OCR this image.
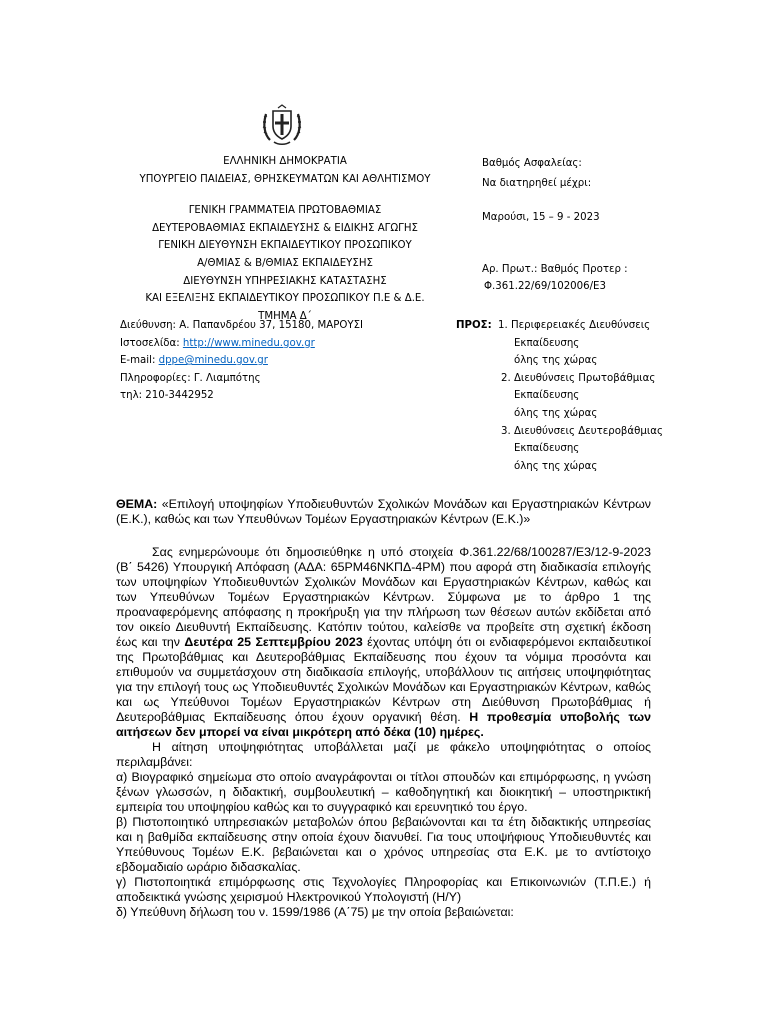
ΕΛΛΗΝΙΚΗ ΔΗΜΟΚΡΑΤΙΑ
ΥΠΟΥΡΓΕΙΟ ΠΑΙΔΕΙΑΣ, ΘΡΗΣΚΕΥΜΑΤΩΝ ΚΑΙ ΑΘΛΗΤΙΣΜΟΥ
ΓΕΝΙΚΗ ΓΡΑΜΜΑΤΕΙΑ ΠΡΩΤΟΒΑΘΜΙΑΣ
ΔΕΥΤΕΡΟΒΑΘΜΙΑΣ ΕΚΠΑΙΔΕΥΣΗΣ & ΕΙΔΙΚΗΣ ΑΓΩΓΗΣ
ΓΕΝΙΚΗ ΔΙΕΥΘΥΝΣΗ ΕΚΠΑΙΔΕΥΤΙΚΟΥ ΠΡΟΣΩΠΙΚΟΥ
Α/ΘΜΙΑΣ & Β/ΘΜΙΑΣ ΕΚΠΑΙΔΕΥΣΗΣ
ΔΙΕΥΘΥΝΣΗ ΥΠΗΡΕΣΙΑΚΗΣ ΚΑΤΑΣΤΑΣΗΣ
ΚΑΙ ΕΞΕΛΙΞΗΣ ΕΚΠΑΙΔΕΥΤΙΚΟΥ ΠΡΟΣΩΠΙΚΟΥ Π.Ε & Δ.Ε.
ΤΜΗΜΑ Δ΄
Διεύθυνση: Α. Παπανδρέου 37, 15180, ΜΑΡΟΥΣΙ
Ιστοσελίδα: http://www.minedu.gov.gr
E-mail: dppe@minedu.gov.gr
Πληροφορίες: Γ. Λιαμπότης
τηλ: 210-3442952
Βαθμός Ασφαλείας:
Να διατηρηθεί μέχρι:
Μαρούσι, 15 – 9 - 2023
Αρ. Πρωτ.: Βαθμός Προτερ :
Φ.361.22/69/102006/Ε3
ΠΡΟΣ: 1. Περιφερειακές Διευθύνσεις
Εκπαίδευσης
όλης της χώρας
2. Διευθύνσεις Πρωτοβάθμιας
Εκπαίδευσης
όλης της χώρας
3. Διευθύνσεις Δευτεροβάθμιας
Εκπαίδευσης
όλης της χώρας
ΘΕΜΑ: «Επιλογή υποψηφίων Υποδιευθυντών Σχολικών Μονάδων και Εργαστηριακών Κέντρων (Ε.Κ.), καθώς και των Υπευθύνων Τομέων Εργαστηριακών Κέντρων (Ε.Κ.)»
Σας ενημερώνουμε ότι δημοσιεύθηκε η υπό στοιχεία Φ.361.22/68/100287/Ε3/12-9-2023 (Β΄ 5426) Υπουργική Απόφαση (ΑΔΑ: 65ΡΜ46ΝΚΠΔ-4ΡΜ) που αφορά στη διαδικασία επιλογής των υποψηφίων Υποδιευθυντών Σχολικών Μονάδων και Εργαστηριακών Κέντρων, καθώς και των Υπευθύνων Τομέων Εργαστηριακών Κέντρων. Σύμφωνα με το άρθρο 1 της προαναφερόμενης απόφασης η προκήρυξη για την πλήρωση των θέσεων αυτών εκδίδεται από τον οικείο Διευθυντή Εκπαίδευσης. Κατόπιν τούτου, καλείσθε να προβείτε στη σχετική έκδοση έως και την Δευτέρα 25 Σεπτεμβρίου 2023 έχοντας υπόψη ότι οι ενδιαφερόμενοι εκπαιδευτικοί της Πρωτοβάθμιας και Δευτεροβάθμιας Εκπαίδευσης που έχουν τα νόμιμα προσόντα και επιθυμούν να συμμετάσχουν στη διαδικασία επιλογής, υποβάλλουν τις αιτήσεις υποψηφιότητας για την επιλογή τους ως Υποδιευθυντές Σχολικών Μονάδων και Εργαστηριακών Κέντρων, καθώς και ως Υπεύθυνοι Τομέων Εργαστηριακών Κέντρων στη Διεύθυνση Πρωτοβάθμιας ή Δευτεροβάθμιας Εκπαίδευσης όπου έχουν οργανική θέση. Η προθεσμία υποβολής των αιτήσεων δεν μπορεί να είναι μικρότερη από δέκα (10) ημέρες.
Η αίτηση υποψηφιότητας υποβάλλεται μαζί με φάκελο υποψηφιότητας ο οποίος περιλαμβάνει:
α) Βιογραφικό σημείωμα στο οποίο αναγράφονται οι τίτλοι σπουδών και επιμόρφωσης, η γνώση ξένων γλωσσών, η διδακτική, συμβουλευτική – καθοδηγητική και διοικητική – υποστηρικτική εμπειρία του υποψηφίου καθώς και το συγγραφικό και ερευνητικό του έργο.
β) Πιστοποιητικό υπηρεσιακών μεταβολών όπου βεβαιώνονται και τα έτη διδακτικής υπηρεσίας και η βαθμίδα εκπαίδευσης στην οποία έχουν διανυθεί. Για τους υποψήφιους Υποδιευθυντές και Υπεύθυνους Τομέων Ε.Κ. βεβαιώνεται και ο χρόνος υπηρεσίας στα Ε.Κ. με το αντίστοιχο εβδομαδιαίο ωράριο διδασκαλίας.
γ) Πιστοποιητικά επιμόρφωσης στις Τεχνολογίες Πληροφορίας και Επικοινωνιών (Τ.Π.Ε.) ή αποδεικτικά γνώσης χειρισμού Ηλεκτρονικού Υπολογιστή (Η/Υ)
δ) Υπεύθυνη δήλωση του ν. 1599/1986 (Α΄75) με την οποία βεβαιώνεται:
